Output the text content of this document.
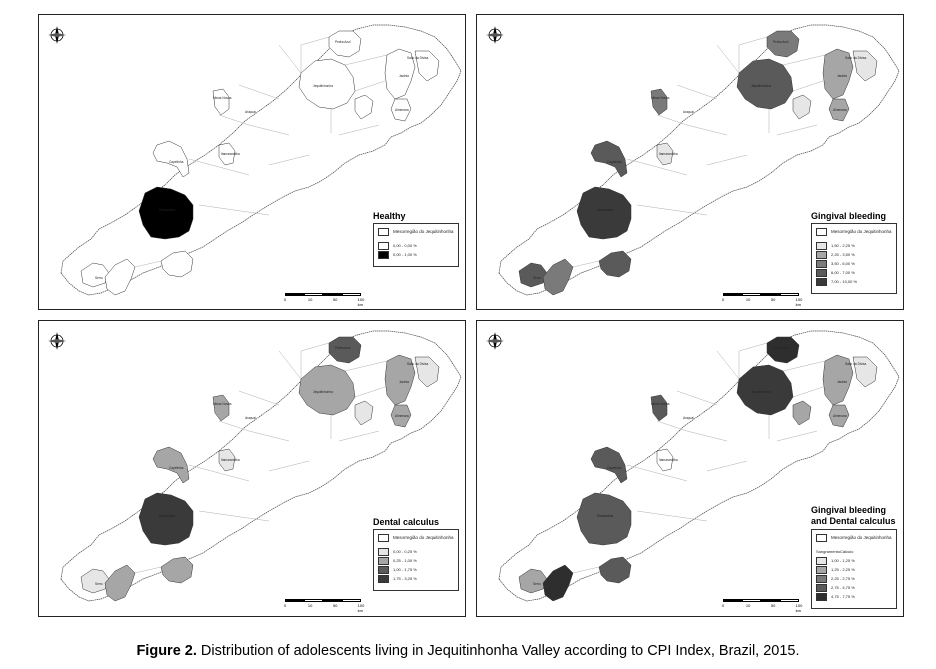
Pedra Azul
Jequitinhonha
Salto da Divisa
Jacinto
Capelinha
Diamantina
Serro
Itamarandiba
Araçuaí
Minas Novas
Almenara
Healthy
Mesorregião do Jequitinhonha
0,00 - 0,00 %
0,00 - 1,00 %
0	10	50	100 km
Pedra Azul
Jequitinhonha
Salto da Divisa
Jacinto
Capelinha
Diamantina
Serro
Itamarandiba
Araçuaí
Minas Novas
Almenara
Gingival bleeding
Mesorregião do Jequitinhonha
1,50 - 2,25 %
2,25 - 3,50 %
3,50 - 6,00 %
6,00 - 7,00 %
7,00 - 10,00 %
0	10	50	100 km
Pedra Azul
Jequitinhonha
Salto da Divisa
Jacinto
Capelinha
Diamantina
Serro
Itamarandiba
Araçuaí
Minas Novas
Almenara
Dental calculus
Mesorregião do Jequitinhonha
0,00 - 0,25 %
0,25 - 1,00 %
1,00 - 1,75 %
1,75 - 3,25 %
0	10	50	100 km
Pedra Azul
Jequitinhonha
Salto da Divisa
Jacinto
Capelinha
Diamantina
Serro
Itamarandiba
Araçuaí
Minas Novas
Almenara
Gingival bleeding and Dental calculus
Mesorregião do Jequitinhonha
SangramentoCálculo
1,00 - 1,25 %
1,25 - 2,25 %
2,25 - 2,75 %
2,75 - 4,75 %
4,75 - 7,75 %
0	10	50	100 km
Figure 2. Distribution of adolescents living in Jequitinhonha Valley according to CPI Index, Brazil, 2015.
